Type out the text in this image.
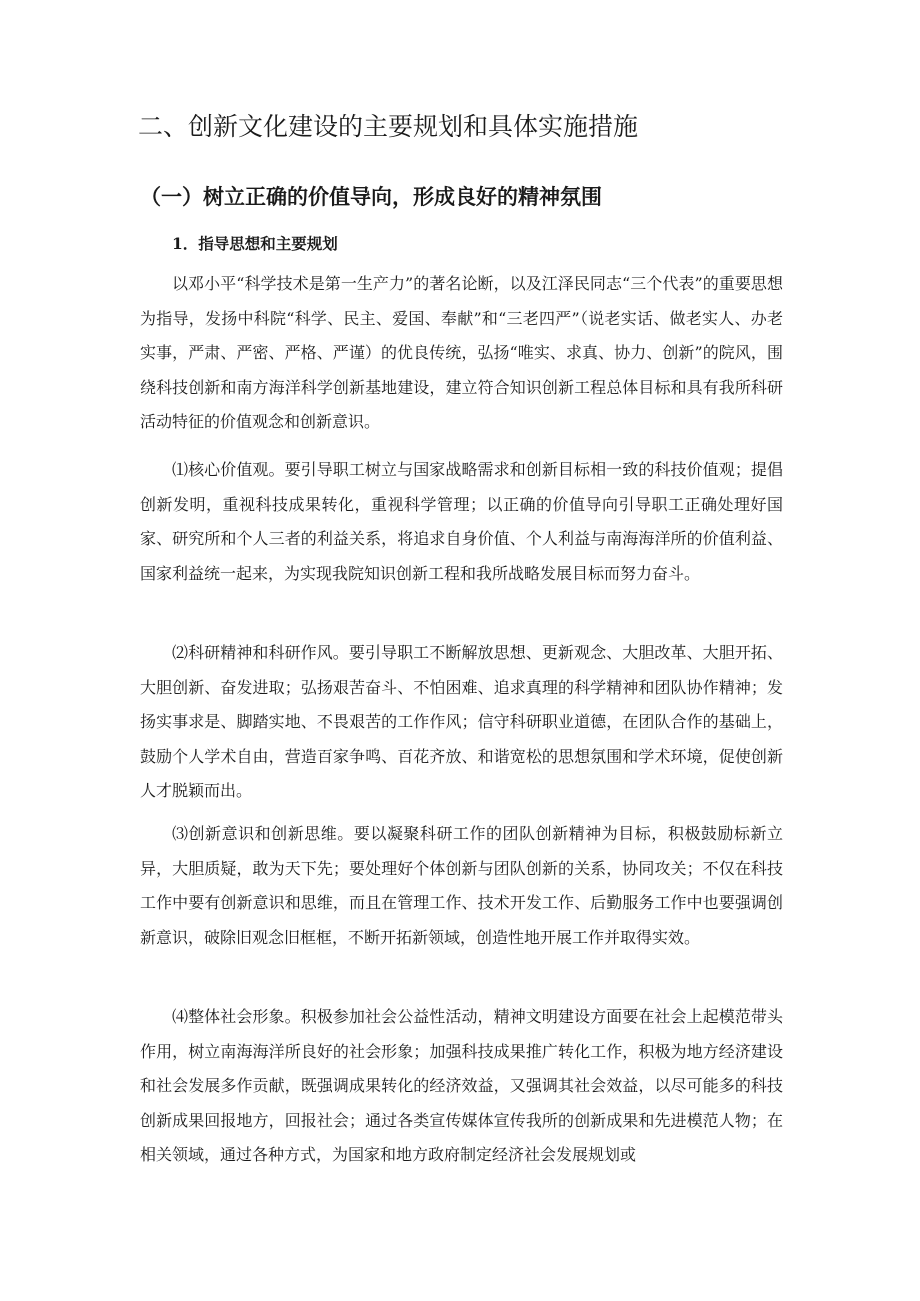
二、创新文化建设的主要规划和具体实施措施
（一）树立正确的价值导向，形成良好的精神氛围
1．指导思想和主要规划

以邓小平“科学技术是第一生产力”的著名论断，以及江泽民同志“三个代表”的重要思想为指导，发扬中科院“科学、民主、爱国、奉献”和“三老四严”（说老实话、做老实人、办老实事，严肃、严密、严格、严谨）的优良传统，弘扬“唯实、求真、协力、创新”的院风，围绕科技创新和南方海洋科学创新基地建设，建立符合知识创新工程总体目标和具有我所科研活动特征的价值观念和创新意识。

⑴核心价值观。要引导职工树立与国家战略需求和创新目标相一致的科技价值观；提倡创新发明，重视科技成果转化，重视科学管理；以正确的价值导向引导职工正确处理好国家、研究所和个人三者的利益关系，将追求自身价值、个人利益与南海海洋所的价值利益、国家利益统一起来，为实现我院知识创新工程和我所战略发展目标而努力奋斗。

⑵科研精神和科研作风。要引导职工不断解放思想、更新观念、大胆改革、大胆开拓、大胆创新、奋发进取；弘扬艰苦奋斗、不怕困难、追求真理的科学精神和团队协作精神；发扬实事求是、脚踏实地、不畏艰苦的工作作风；信守科研职业道德，在团队合作的基础上，鼓励个人学术自由，营造百家争鸣、百花齐放、和谐宽松的思想氛围和学术环境，促使创新人才脱颖而出。

⑶创新意识和创新思维。要以凝聚科研工作的团队创新精神为目标，积极鼓励标新立异，大胆质疑，敢为天下先；要处理好个体创新与团队创新的关系，协同攻关；不仅在科技工作中要有创新意识和思维，而且在管理工作、技术开发工作、后勤服务工作中也要强调创新意识，破除旧观念旧框框，不断开拓新领域，创造性地开展工作并取得实效。

⑷整体社会形象。积极参加社会公益性活动，精神文明建设方面要在社会上起模范带头作用，树立南海海洋所良好的社会形象；加强科技成果推广转化工作，积极为地方经济建设和社会发展多作贡献，既强调成果转化的经济效益，又强调其社会效益，以尽可能多的科技创新成果回报地方，回报社会；通过各类宣传媒体宣传我所的创新成果和先进模范人物；在相关领域，通过各种方式，为国家和地方政府制定经济社会发展规划或
